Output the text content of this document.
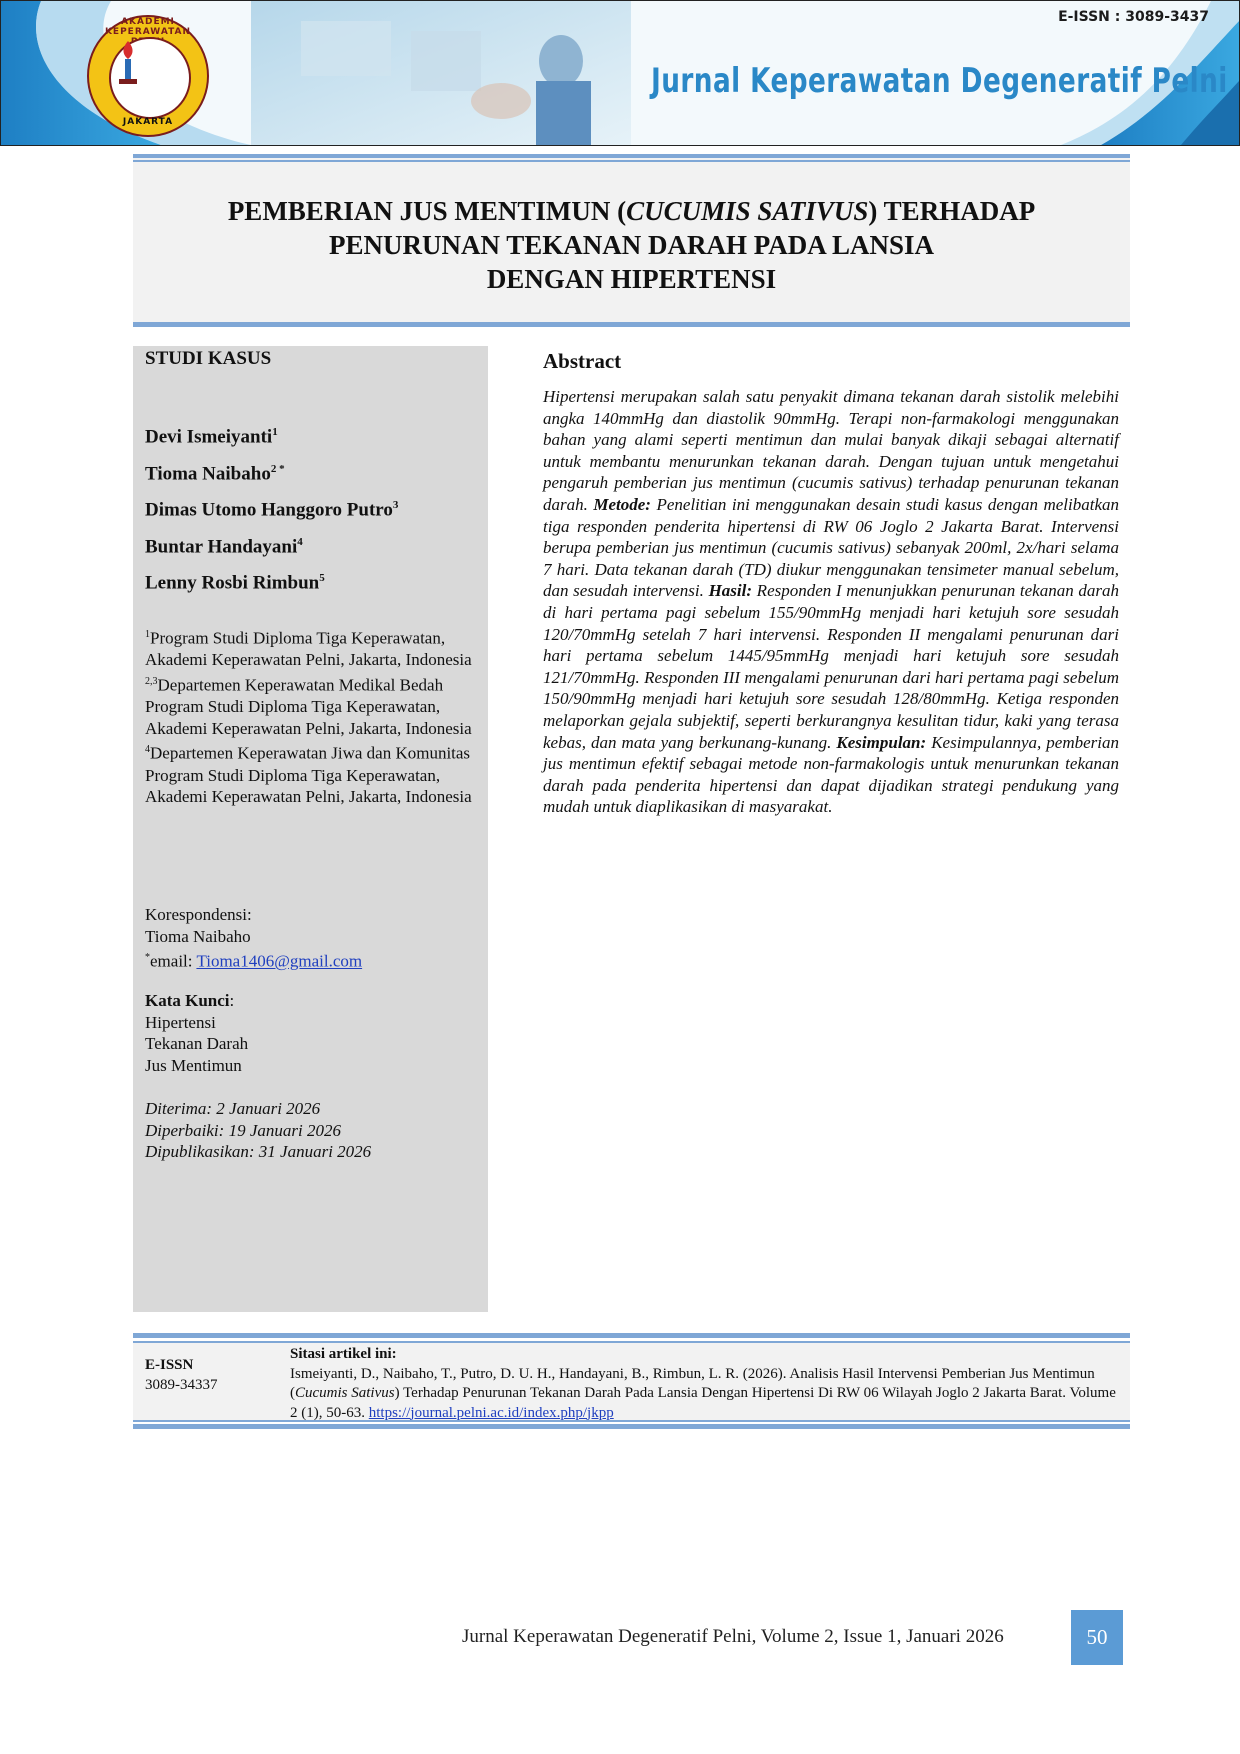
AKADEMI KEPERAWATAN
JAKARTA
E-ISSN : 3089-3437
Jurnal Keperawatan Degeneratif Pelni
PEMBERIAN JUS MENTIMUN (CUCUMIS SATIVUS) TERHADAP
PENURUNAN TEKANAN DARAH PADA LANSIA
DENGAN HIPERTENSI
STUDI KASUS
Devi Ismeiyanti$^1$
Tioma Naibaho$^{2 *}$
Dimas Utomo Hanggoro Putro$^3$
Buntar Handayani$^4$
Lenny Rosbi Rimbun$^5$
$^1$Program Studi Diploma Tiga Keperawatan, Akademi Keperawatan Pelni, Jakarta, Indonesia
$^{2,3}$Departemen Keperawatan Medikal Bedah Program Studi Diploma Tiga Keperawatan, Akademi Keperawatan Pelni, Jakarta, Indonesia
$^4$Departemen Keperawatan Jiwa dan Komunitas Program Studi Diploma Tiga Keperawatan, Akademi Keperawatan Pelni, Jakarta, Indonesia
Korespondensi:
Tioma Naibaho
*email: Tioma1406@gmail.com
Kata Kunci:
Hipertensi
Tekanan Darah
Jus Mentimun
Diterima: 2 Januari 2026
Diperbaiki: 19 Januari 2026
Dipublikasikan: 31 Januari 2026
Abstract
Hipertensi merupakan salah satu penyakit dimana tekanan darah sistolik melebihi angka 140mmHg dan diastolik 90mmHg. Terapi non-farmakologi menggunakan bahan yang alami seperti mentimun dan mulai banyak dikaji sebagai alternatif untuk membantu menurunkan tekanan darah. Dengan tujuan untuk mengetahui pengaruh pemberian jus mentimun (cucumis sativus) terhadap penurunan tekanan darah. Metode: Penelitian ini menggunakan desain studi kasus dengan melibatkan tiga responden penderita hipertensi di RW 06 Joglo 2 Jakarta Barat. Intervensi berupa pemberian jus mentimun (cucumis sativus) sebanyak 200ml, 2x/hari selama 7 hari. Data tekanan darah (TD) diukur menggunakan tensimeter manual sebelum, dan sesudah intervensi. Hasil: Responden I menunjukkan penurunan tekanan darah di hari pertama pagi sebelum 155/90mmHg menjadi hari ketujuh sore sesudah 120/70mmHg setelah 7 hari intervensi. Responden II mengalami penurunan dari hari pertama sebelum 1445/95mmHg menjadi hari ketujuh sore sesudah 121/70mmHg. Responden III mengalami penurunan dari hari pertama pagi sebelum 150/90mmHg menjadi hari ketujuh sore sesudah 128/80mmHg. Ketiga responden melaporkan gejala subjektif, seperti berkurangnya kesulitan tidur, kaki yang terasa kebas, dan mata yang berkunang-kunang. Kesimpulan: Kesimpulannya, pemberian jus mentimun efektif sebagai metode non-farmakologis untuk menurunkan tekanan darah pada penderita hipertensi dan dapat dijadikan strategi pendukung yang mudah untuk diaplikasikan di masyarakat.
E-ISSN
3089-34337
Sitasi artikel ini:
Ismeiyanti, D., Naibaho, T., Putro, D. U. H., Handayani, B., Rimbun, L. R. (2026). Analisis Hasil Intervensi Pemberian Jus Mentimun (Cucumis Sativus) Terhadap Penurunan Tekanan Darah Pada Lansia Dengan Hipertensi Di RW 06 Wilayah Joglo 2 Jakarta Barat. Volume 2 (1), 50-63. https://journal.pelni.ac.id/index.php/jkpp
Jurnal Keperawatan Degeneratif Pelni, Volume 2, Issue 1, Januari 2026	50
